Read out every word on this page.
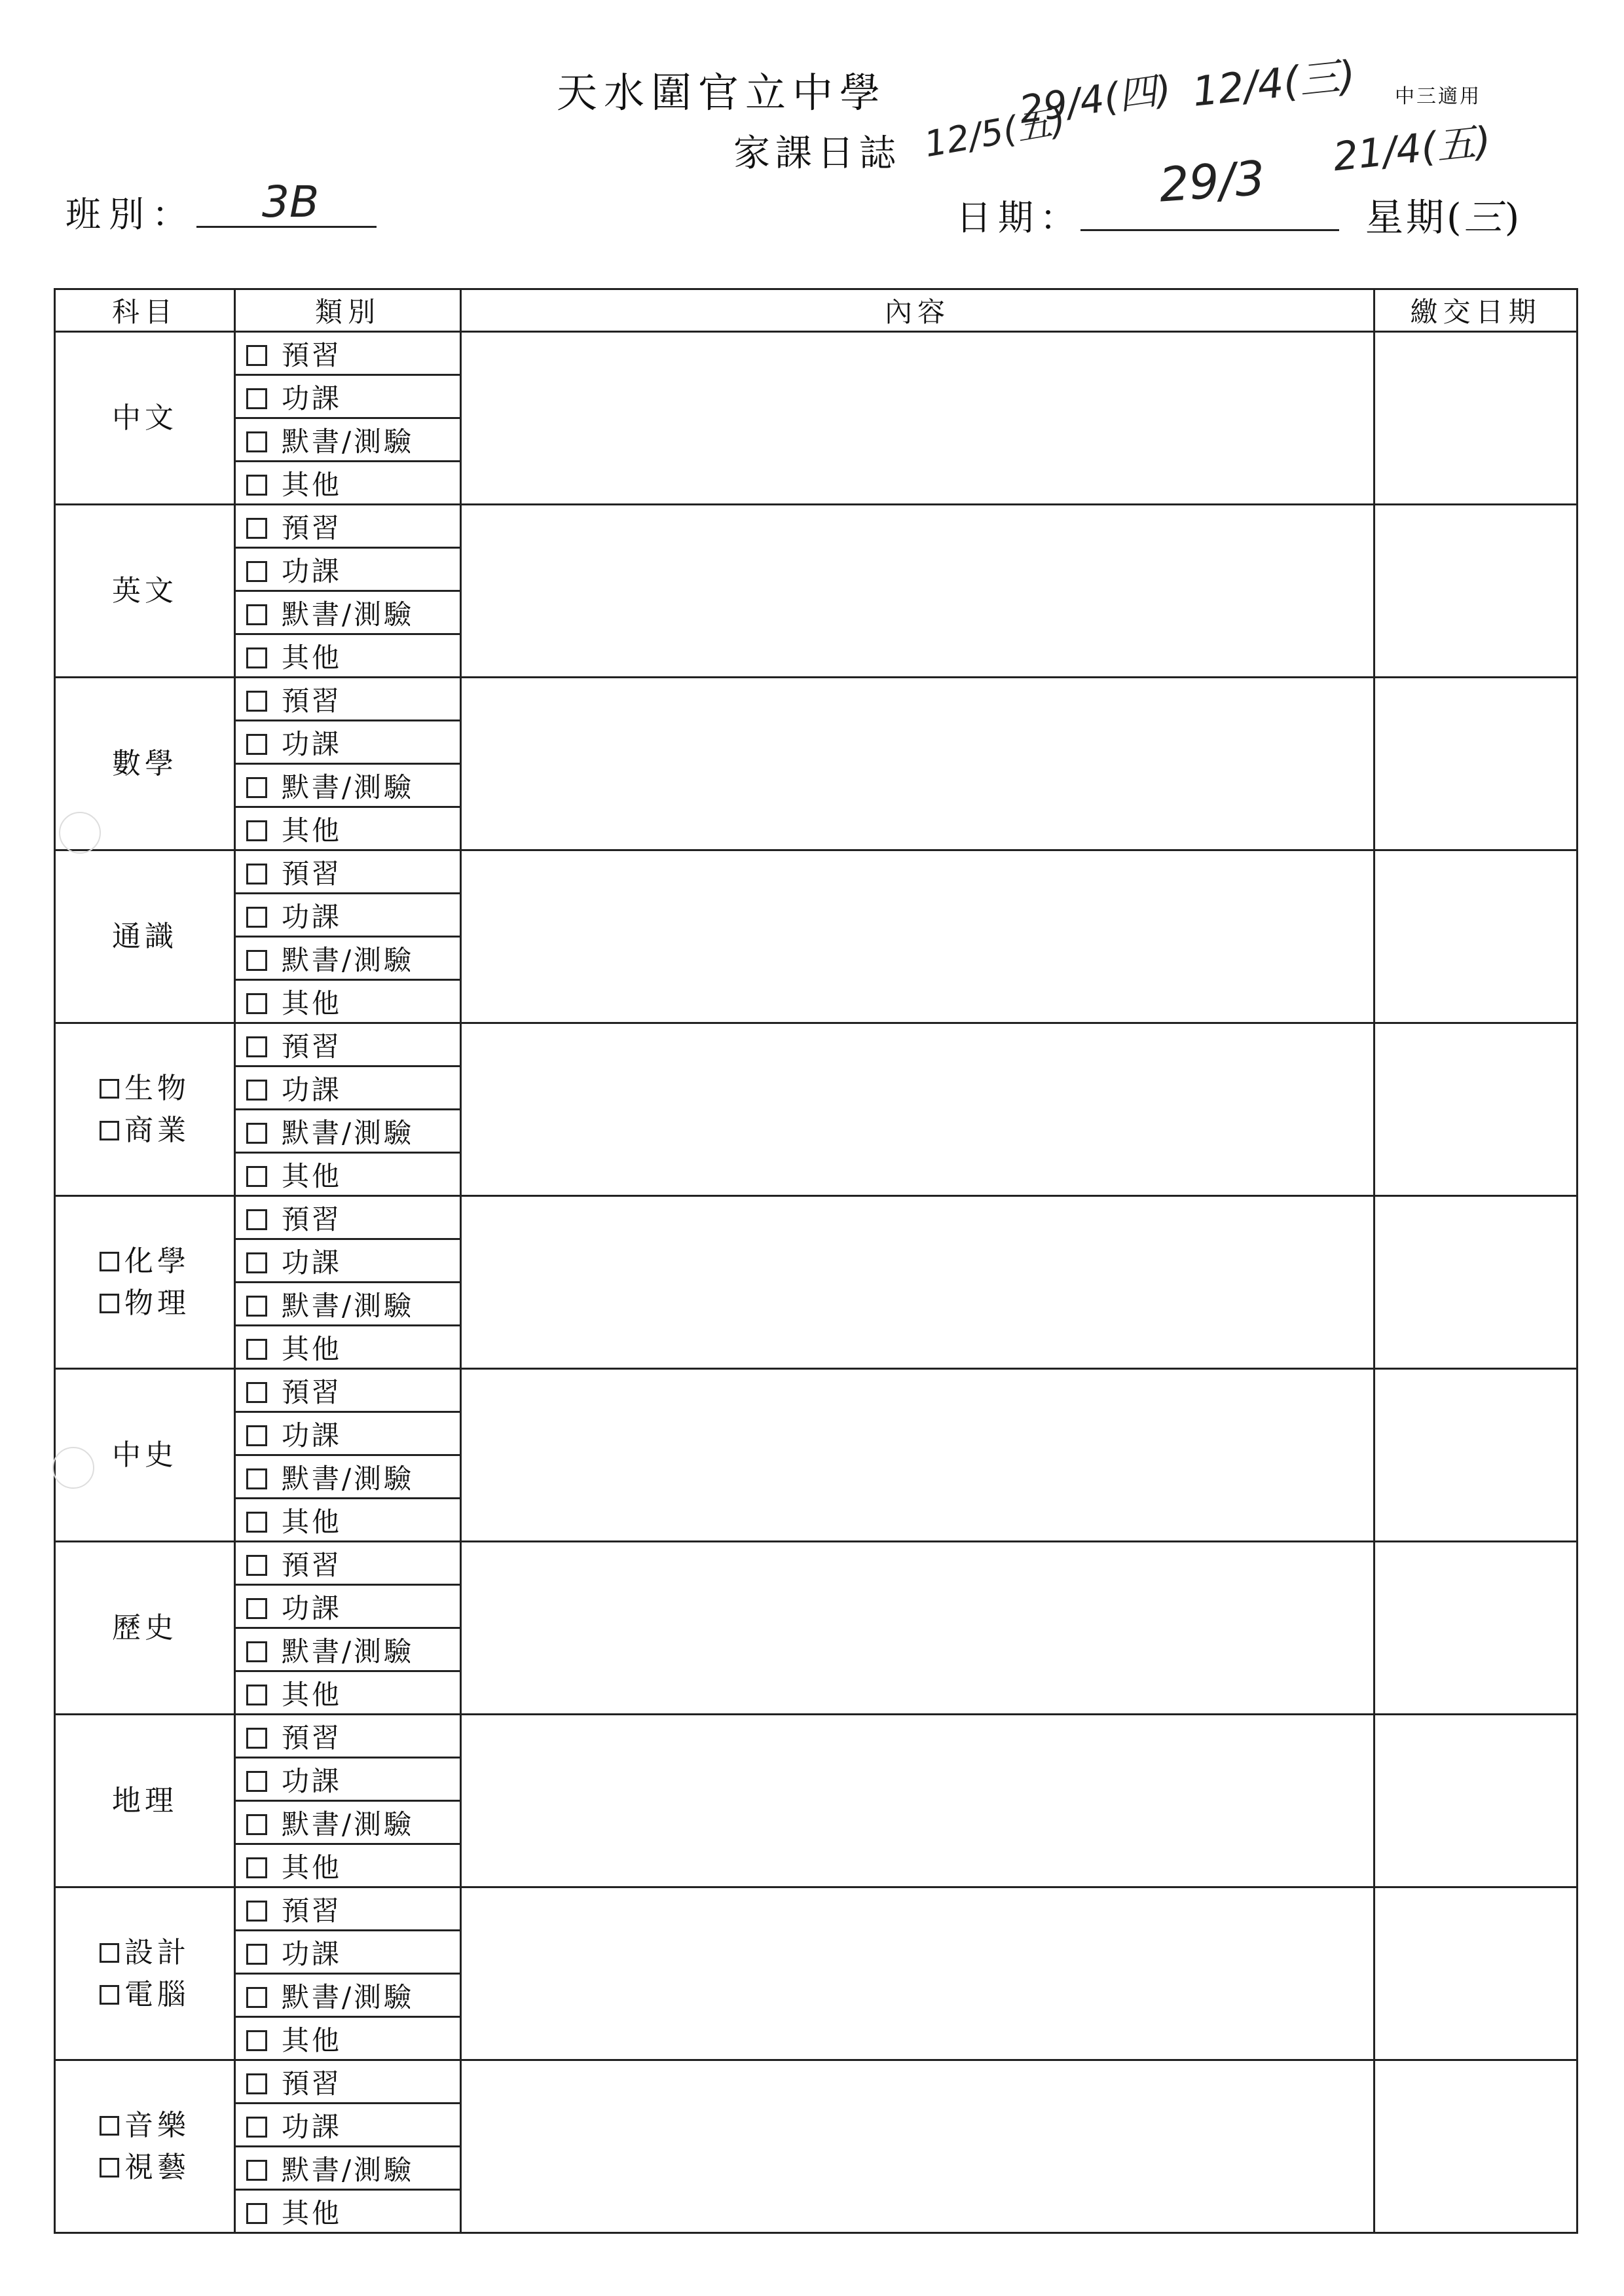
天水圍官立中學
家課日誌
中三適用
29/4(四) 12/4(三)
21/4(五)
12/5(五)
班別： 3B	日期：
29/3
星期(三)
科目	類別	內容	繳交日期

中文	預習		
	功課		
	默書/測驗		
	其他		

英文	預習		
	功課		
	默書/測驗		
	其他		

數學	預習		
	功課		
	默書/測驗		
	其他		

通識	預習		
	功課		
	默書/測驗		
	其他		

生物
商業	預習		
	功課		
	默書/測驗		
	其他		

化學
物理	預習		
	功課		
	默書/測驗		
	其他		

中史	預習		
	功課		
	默書/測驗		
	其他		

歷史	預習		
	功課		
	默書/測驗		
	其他		

地理	預習		
	功課		
	默書/測驗		
	其他		

設計
電腦	預習		
	功課		
	默書/測驗		
	其他		

音樂
視藝	預習		
	功課		
	默書/測驗		
	其他		
